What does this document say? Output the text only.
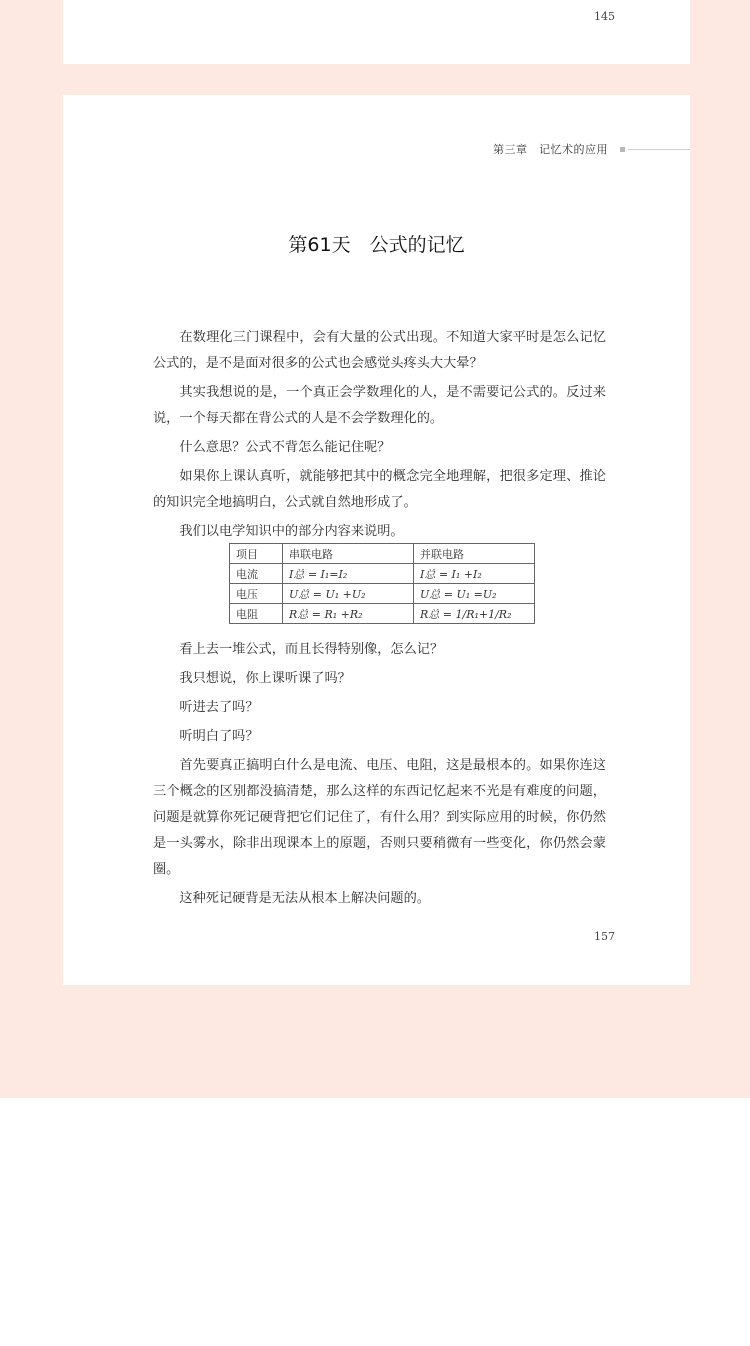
145
第三章　记忆术的应用
第61天　公式的记忆

在数理化三门课程中，会有大量的公式出现。不知道大家平时是怎么记忆公式的，是不是面对很多的公式也会感觉头疼头大大晕？

其实我想说的是，一个真正会学数理化的人，是不需要记公式的。反过来说，一个每天都在背公式的人是不会学数理化的。

什么意思？公式不背怎么能记住呢？

如果你上课认真听，就能够把其中的概念完全地理解，把很多定理、推论的知识完全地搞明白，公式就自然地形成了。

我们以电学知识中的部分内容来说明。

项目	串联电路	并联电路
电流	I总 = I₁=I₂	I总 = I₁ +I₂
电压	U总 = U₁ +U₂	U总 = U₁ =U₂
电阻	R总 = R₁ +R₂	R总 = 1/R₁+1/R₂

看上去一堆公式，而且长得特别像，怎么记？

我只想说，你上课听课了吗？

听进去了吗？

听明白了吗？

首先要真正搞明白什么是电流、电压、电阻，这是最根本的。如果你连这三个概念的区别都没搞清楚，那么这样的东西记忆起来不光是有难度的问题，问题是就算你死记硬背把它们记住了，有什么用？到实际应用的时候，你仍然是一头雾水，除非出现课本上的原题，否则只要稍微有一些变化，你仍然会蒙圈。

这种死记硬背是无法从根本上解决问题的。

157
